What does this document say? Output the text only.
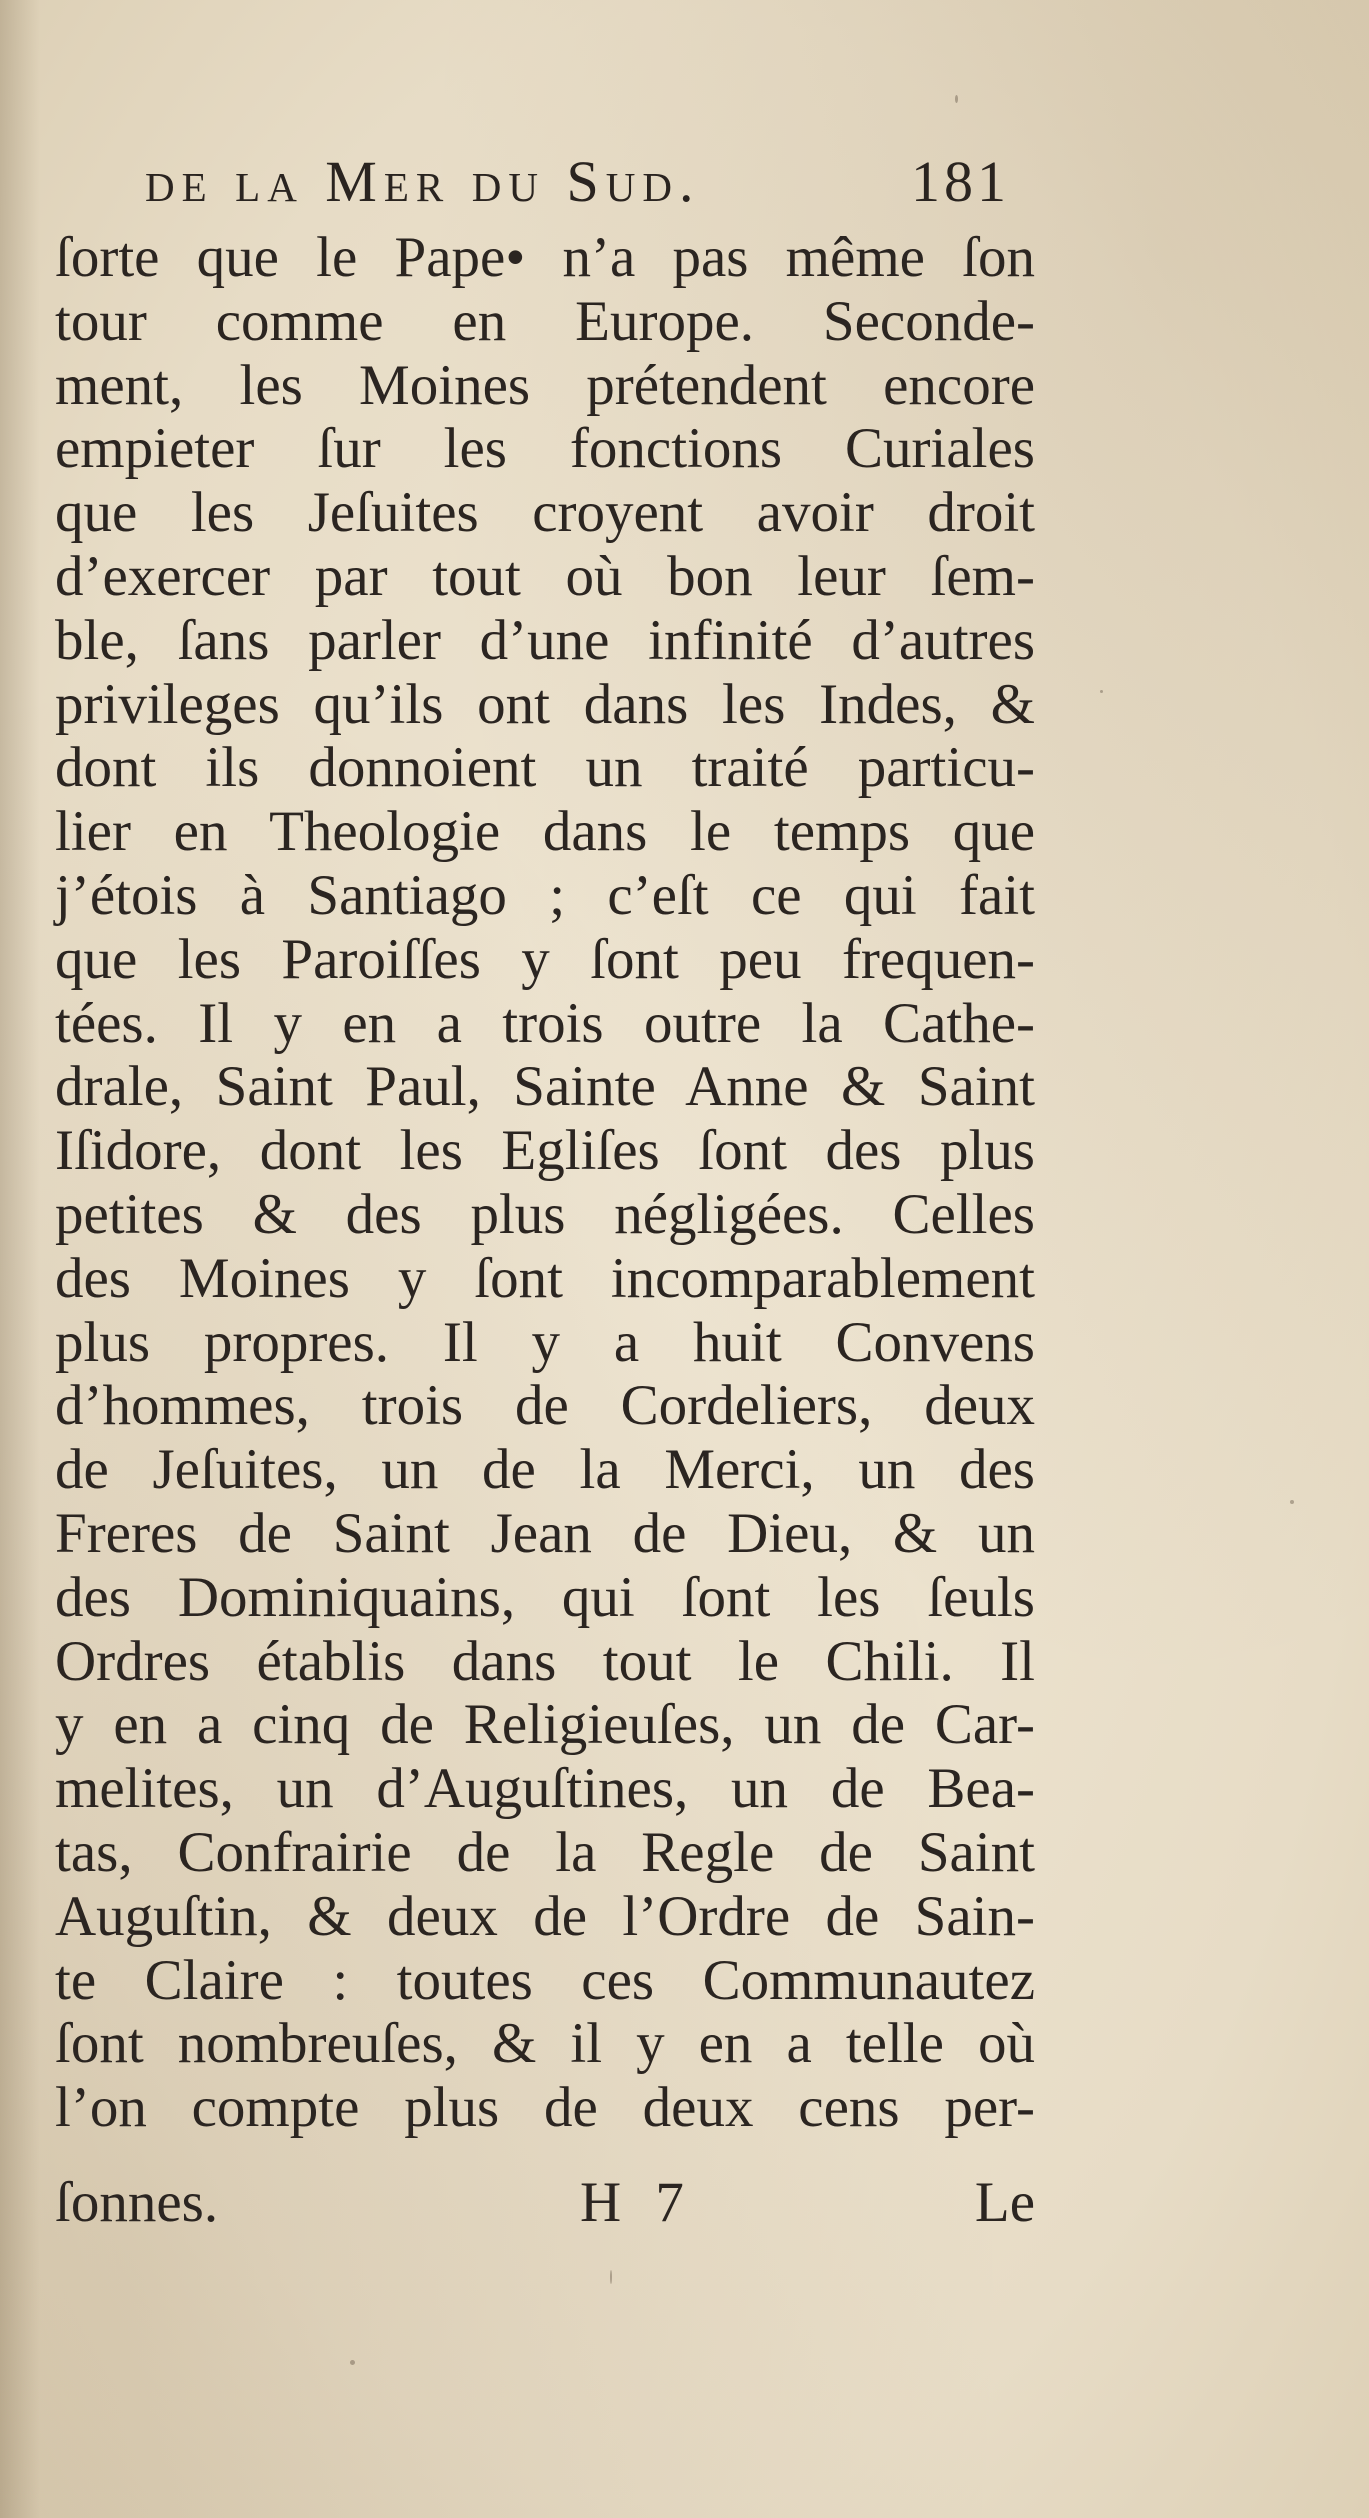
de la Mer du Sud.	181
ſorte que le Pape• n’a pas même ſon
tour comme en Europe. Seconde-
ment, les Moines prétendent encore
empieter ſur les fonctions Curiales
que les Jeſuites croyent avoir droit
d’exercer par tout où bon leur ſem-
ble, ſans parler d’une infinité d’autres
privileges qu’ils ont dans les Indes, &
dont ils donnoient un traité particu-
lier en Theologie dans le temps que
j’étois à Santiago ; c’eſt ce qui fait
que les Paroiſſes y ſont peu frequen-
tées. Il y en a trois outre la Cathe-
drale, Saint Paul, Sainte Anne & Saint
Iſidore, dont les Egliſes ſont des plus
petites & des plus négligées. Celles
des Moines y ſont incomparablement
plus propres. Il y a huit Convens
d’hommes, trois de Cordeliers, deux
de Jeſuites, un de la Merci, un des
Freres de Saint Jean de Dieu, & un
des Dominiquains, qui ſont les ſeuls
Ordres établis dans tout le Chili. Il
y en a cinq de Religieuſes, un de Car-
melites, un d’Auguſtines, un de Bea-
tas, Confrairie de la Regle de Saint
Auguſtin, & deux de l’Ordre de Sain-
te Claire : toutes ces Communautez
ſont nombreuſes, & il y en a telle où
l’on compte plus de deux cens per-
ſonnes.	H 7	Le
